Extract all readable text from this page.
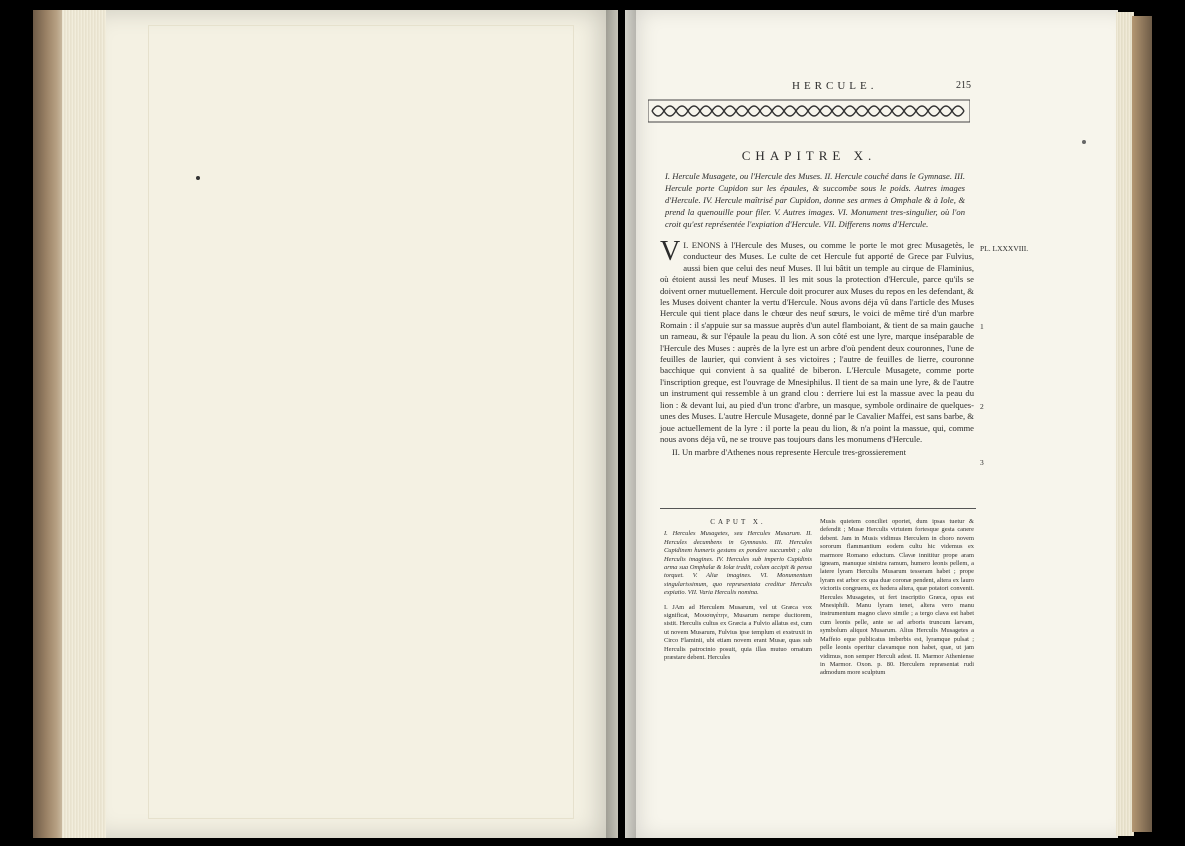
HERCULE.	215
CHAPITRE X.
I. Hercule Musagete, ou l'Hercule des Muses. II. Hercule couché dans le Gymnase. III. Hercule porte Cupidon sur les épaules, & succombe sous le poids. Autres images d'Hercule. IV. Hercule maîtrisé par Cupidon, donne ses armes à Omphale & à Iole, & prend la quenouille pour filer. V. Autres images. VI. Monument tres-singulier, où l'on croit qu'est représentée l'expiation d'Hercule. VII. Differens noms d'Hercule.

I.
V ENONS à l'Hercule des Muses, ou comme le porte le mot grec Musagetès, le conducteur des Muses. Le culte de cet Hercule fut apporté de Grece par Fulvius, aussi bien que celui des neuf Muses. Il lui bâtit un temple au cirque de Flaminius, où étoient aussi les neuf Muses. Il les mit sous la protection d'Hercule, parce qu'ils se doivent orner mutuellement. Hercule doit procurer aux Muses du repos en les defendant, & les Muses doivent chanter la vertu d'Hercule. Nous avons déja vû dans l'article des Muses Hercule qui tient place dans le chœur des neuf sœurs, le voici de même tiré d'un marbre Romain : il s'appuie sur sa massue auprès d'un autel flamboiant, & tient de sa main gauche un rameau, & sur l'épaule la peau du lion. A son côté est une lyre, marque inséparable de l'Hercule des Muses : auprès de la lyre est un arbre d'où pendent deux couronnes, l'une de feuilles de laurier, qui convient à ses victoires ; l'autre de feuilles de lierre, couronne bacchique qui convient à sa qualité de biberon. L'Hercule Musagete, comme porte l'inscription greque, est l'ouvrage de Mnesiphilus. Il tient de sa main une lyre, & de l'autre un instrument qui ressemble à un grand clou : derriere lui est la massue avec la peau du lion : & devant lui, au pied d'un tronc d'arbre, un masque, symbole ordinaire de quelques-unes des Muses. L'autre Hercule Musagete, donné par le Cavalier Maffei, est sans barbe, & joue actuellement de la lyre : il porte la peau du lion, & n'a point la massue, qui, comme nous avons déja vû, ne se trouve pas toujours dans les monumens d'Hercule.

II. Un marbre d'Athenes nous represente Hercule tres-grossierement

PL. LXXXVIII.
1
2
3
CAPUT X.
I. Hercules Musagetes, seu Hercules Musarum. II. Hercules decumbens in Gymnasio. III. Hercules Cupidinem humeris gestans ex pondere succumbit ; alia Herculis imagines. IV. Hercules sub imperio Cupidinis arma sua Omphalæ & Iolæ tradit, colum accipit & pensa torquet. V. Aliæ imagines. VI. Monumentum singularissimum, quo repræsentata creditur Herculis expiatio. VII. Varia Herculis nomina.
I. JAm ad Herculem Musarum, vel ut Græca vox significat, Μουσαγέτην, Musarum nempe ducitorem, sistit. Herculis cultus ex Græcia a Fulvio allatus est, cum ut novem Musarum, Fulvius ipse templum ei exstruxit in Circo Flaminii, ubi etiam novem erant Musæ, quas sub Herculis patrocinio posuit, quia illas mutuo ornatum præstare debent. Hercules
Musis quietem conciliet oportet, dum ipsas tuetur & defendit ; Musæ Herculis virtutem fortesque gesta canere debent. Jam in Musis vidimus Herculem in choro novem sororum flammantium eodem cultu hic videmus ex marmore Romano eductum. Clavæ innititur prope aram igneam, manuque sinistra ramum, humero leonis pellem, a latere lyram Herculis Musarum tesseram habet ; prope lyram est arbor ex qua duæ coronæ pendent, altera ex lauro victoriis congruens, ex hedera altera, quæ potatori convenit. Hercules Musagetes, ut fert inscriptio Græca, opus est Mnesiphili. Manu lyram tenet, altera vero manu instrumentum magno clavo simile ; a tergo clava est habet cum leonis pelle, ante se ad arboris truncum larvam, symbolum aliquot Musarum. Alius Herculis Musagetes a Maffeio eque publicatus imberbis est, lyramque pulsat ; pelle leonis operitur clavamque non habet, quæ, ut jam vidimus, non semper Herculi adest. II. Marmor Atheniense in Marmor. Oxon. p. 80. Herculem repræsentat rudi admodum more sculptum
